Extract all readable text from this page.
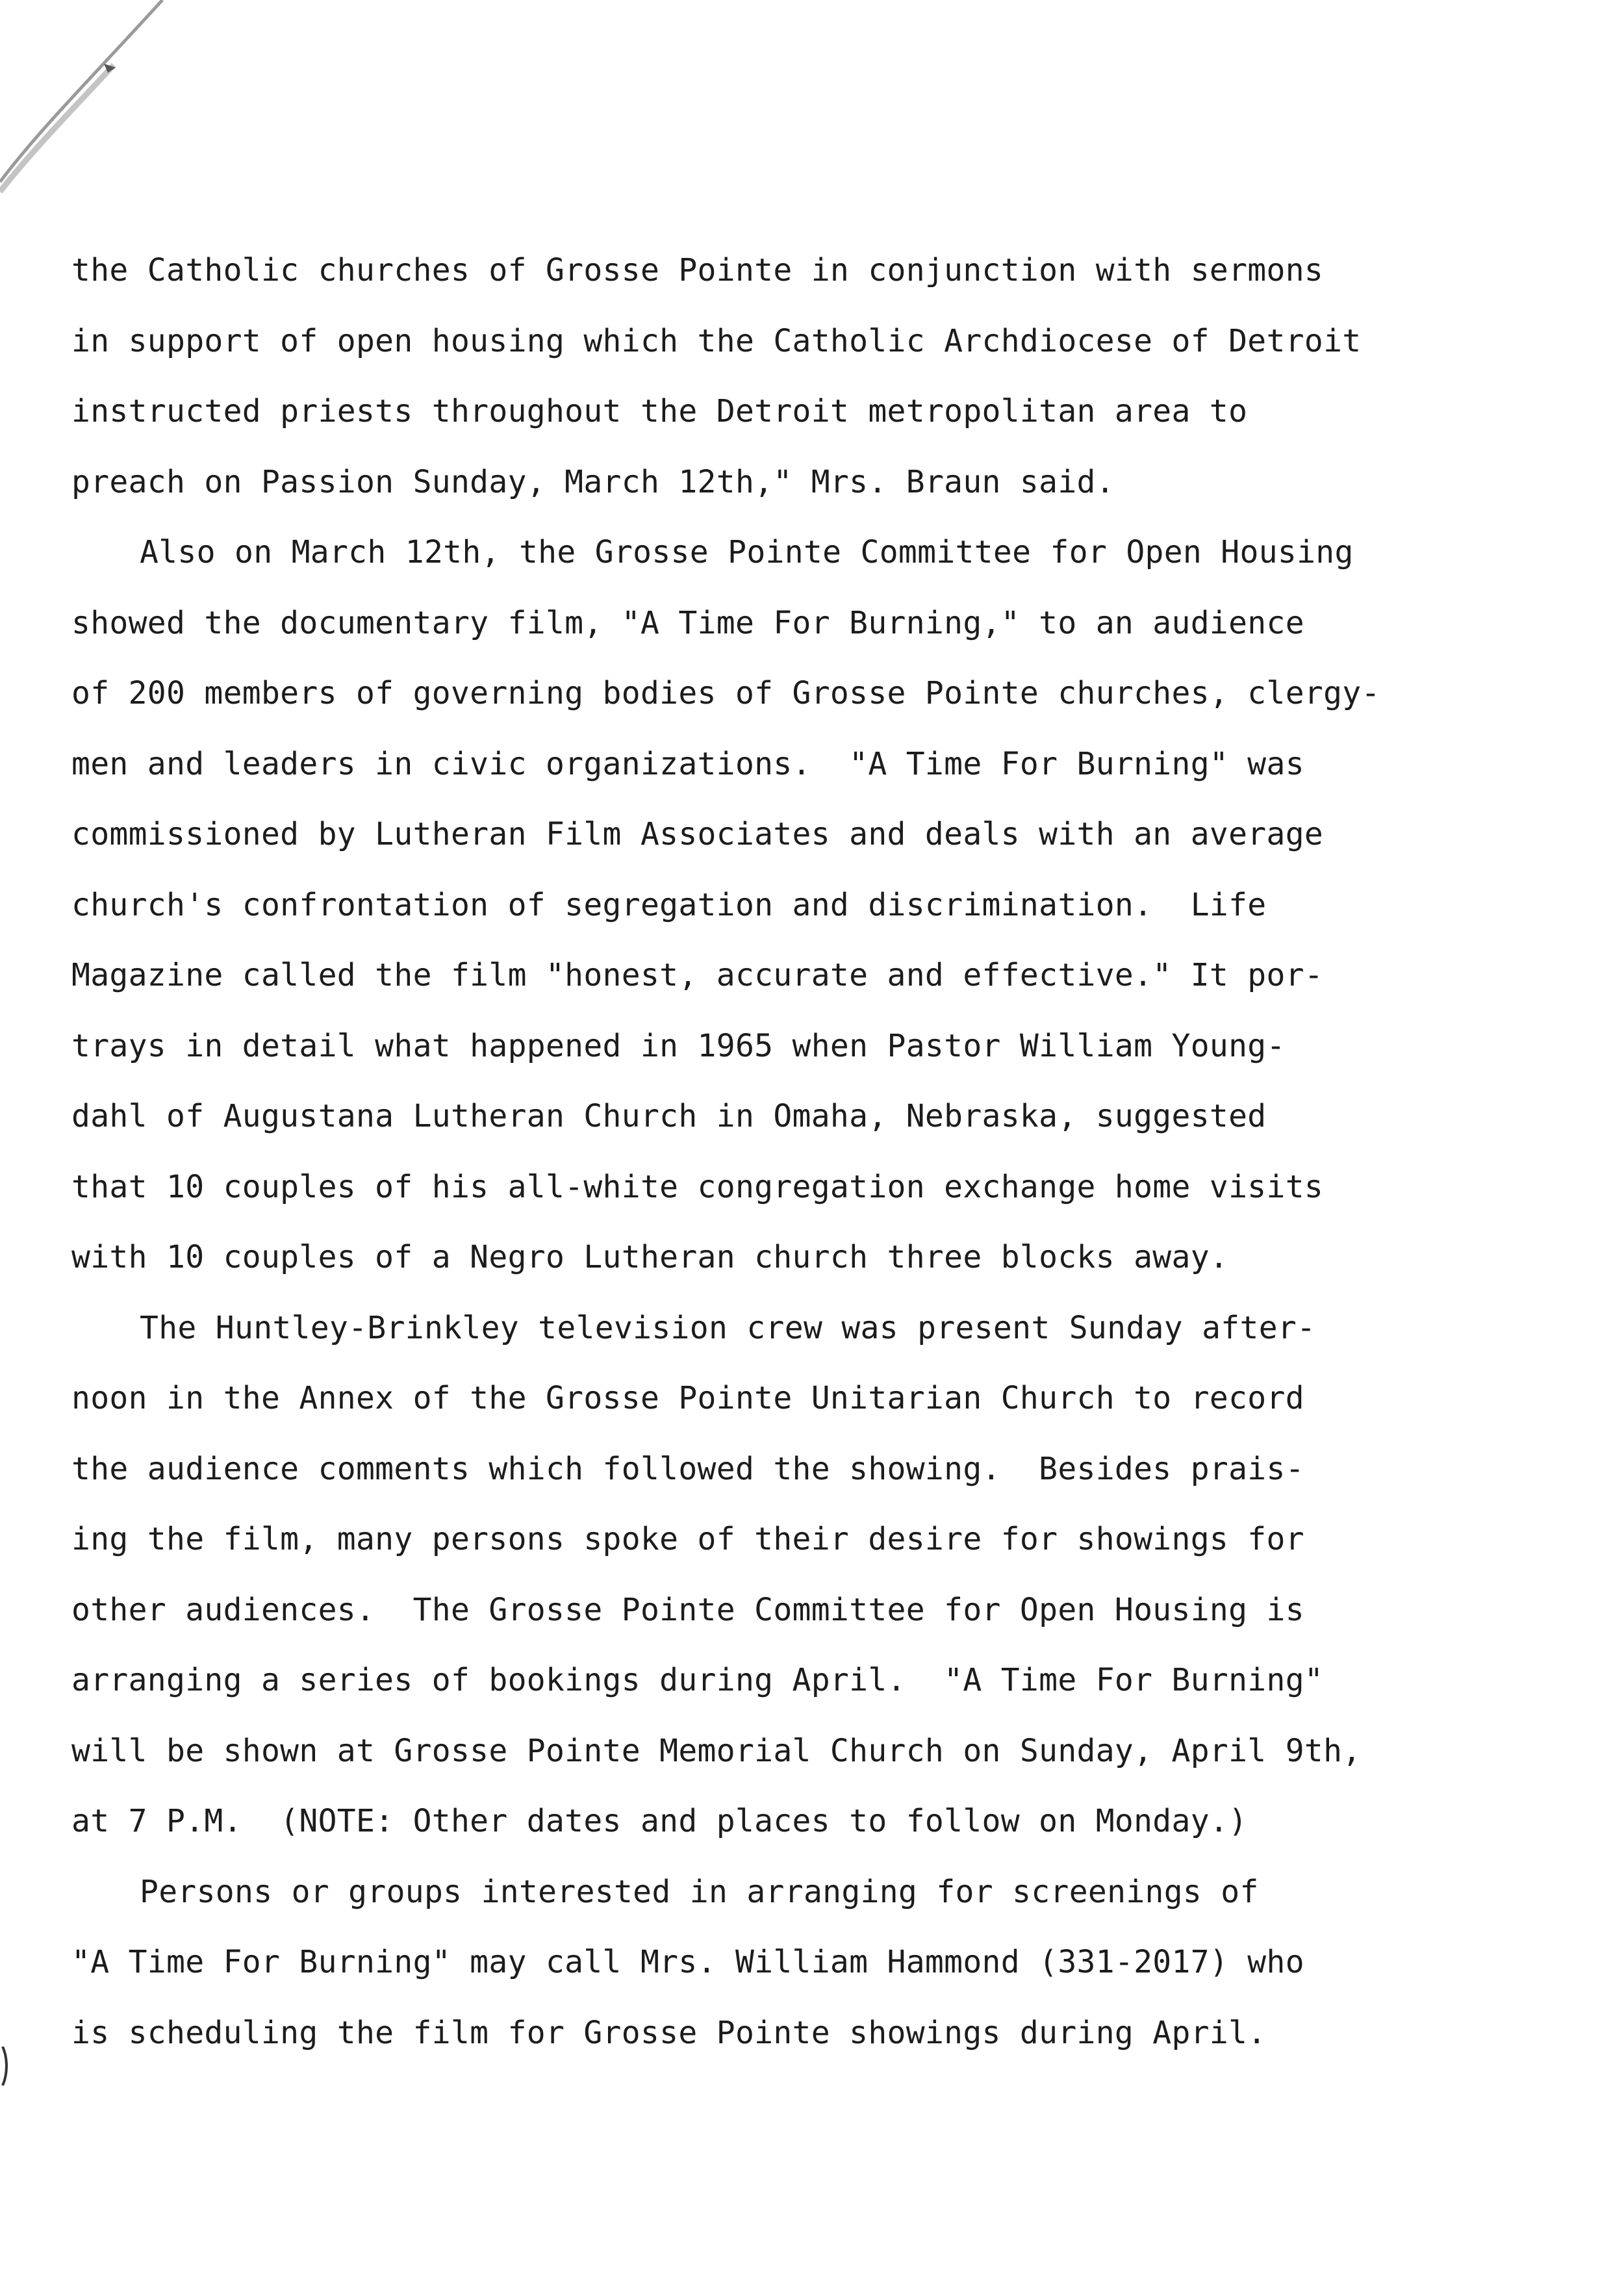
the Catholic churches of Grosse Pointe in conjunction with sermons
in support of open housing which the Catholic Archdiocese of Detroit
instructed priests throughout the Detroit metropolitan area to
preach on Passion Sunday, March 12th," Mrs. Braun said.
Also on March 12th, the Grosse Pointe Committee for Open Housing
showed the documentary film, "A Time For Burning," to an audience
of 200 members of governing bodies of Grosse Pointe churches, clergy-
men and leaders in civic organizations.  "A Time For Burning" was
commissioned by Lutheran Film Associates and deals with an average
church's confrontation of segregation and discrimination.  Life
Magazine called the film "honest, accurate and effective." It por-
trays in detail what happened in 1965 when Pastor William Young-
dahl of Augustana Lutheran Church in Omaha, Nebraska, suggested
that 10 couples of his all-white congregation exchange home visits
with 10 couples of a Negro Lutheran church three blocks away.
The Huntley-Brinkley television crew was present Sunday after-
noon in the Annex of the Grosse Pointe Unitarian Church to record
the audience comments which followed the showing.  Besides prais-
ing the film, many persons spoke of their desire for showings for
other audiences.  The Grosse Pointe Committee for Open Housing is
arranging a series of bookings during April.  "A Time For Burning"
will be shown at Grosse Pointe Memorial Church on Sunday, April 9th,
at 7 P.M.  (NOTE: Other dates and places to follow on Monday.)
Persons or groups interested in arranging for screenings of
"A Time For Burning" may call Mrs. William Hammond (331-2017) who
is scheduling the film for Grosse Pointe showings during April.
